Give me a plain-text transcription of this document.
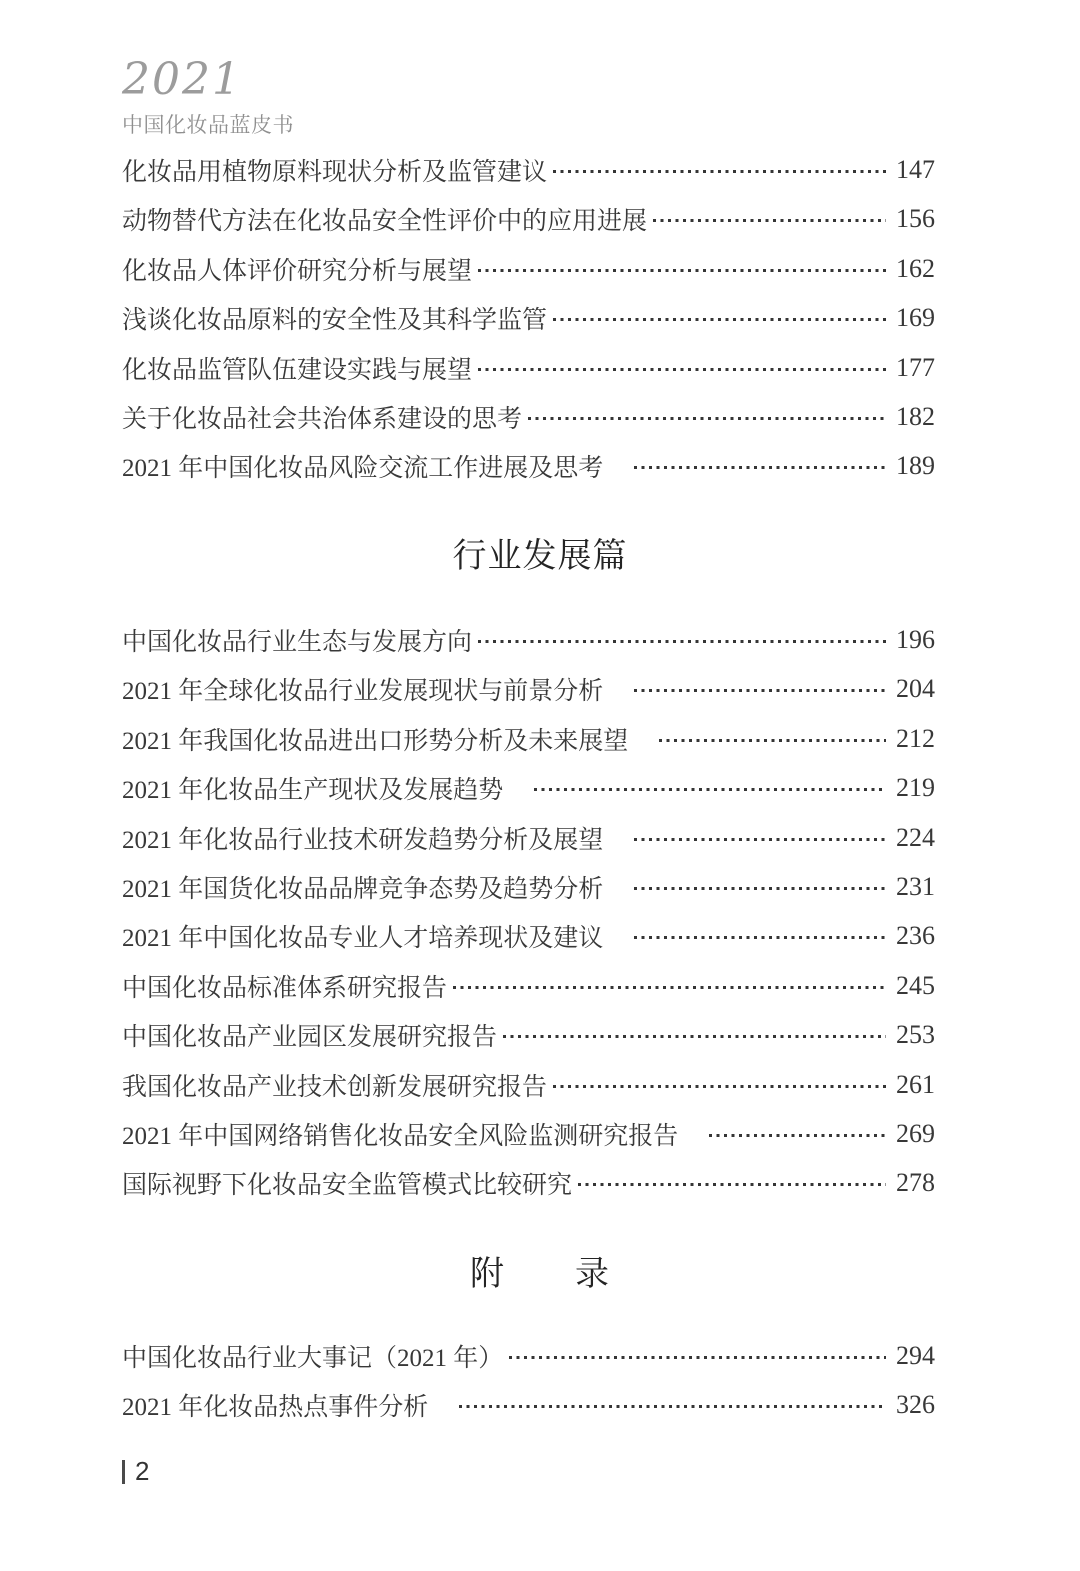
2021
中国化妆品蓝皮书
化妆品用植物原料现状分析及监管建议	147
动物替代方法在化妆品安全性评价中的应用进展	156
化妆品人体评价研究分析与展望	162
浅谈化妆品原料的安全性及其科学监管	169
化妆品监管队伍建设实践与展望	177
关于化妆品社会共治体系建设的思考	182
2021 年中国化妆品风险交流工作进展及思考　	189
行业发展篇
中国化妆品行业生态与发展方向	196
2021 年全球化妆品行业发展现状与前景分析　	204
2021 年我国化妆品进出口形势分析及未来展望　	212
2021 年化妆品生产现状及发展趋势　	219
2021 年化妆品行业技术研发趋势分析及展望　	224
2021 年国货化妆品品牌竞争态势及趋势分析　	231
2021 年中国化妆品专业人才培养现状及建议　	236
中国化妆品标准体系研究报告	245
中国化妆品产业园区发展研究报告	253
我国化妆品产业技术创新发展研究报告	261
2021 年中国网络销售化妆品安全风险监测研究报告　	269
国际视野下化妆品安全监管模式比较研究	278
附　　录
中国化妆品行业大事记（2021 年）	294
2021 年化妆品热点事件分析　	326
2
